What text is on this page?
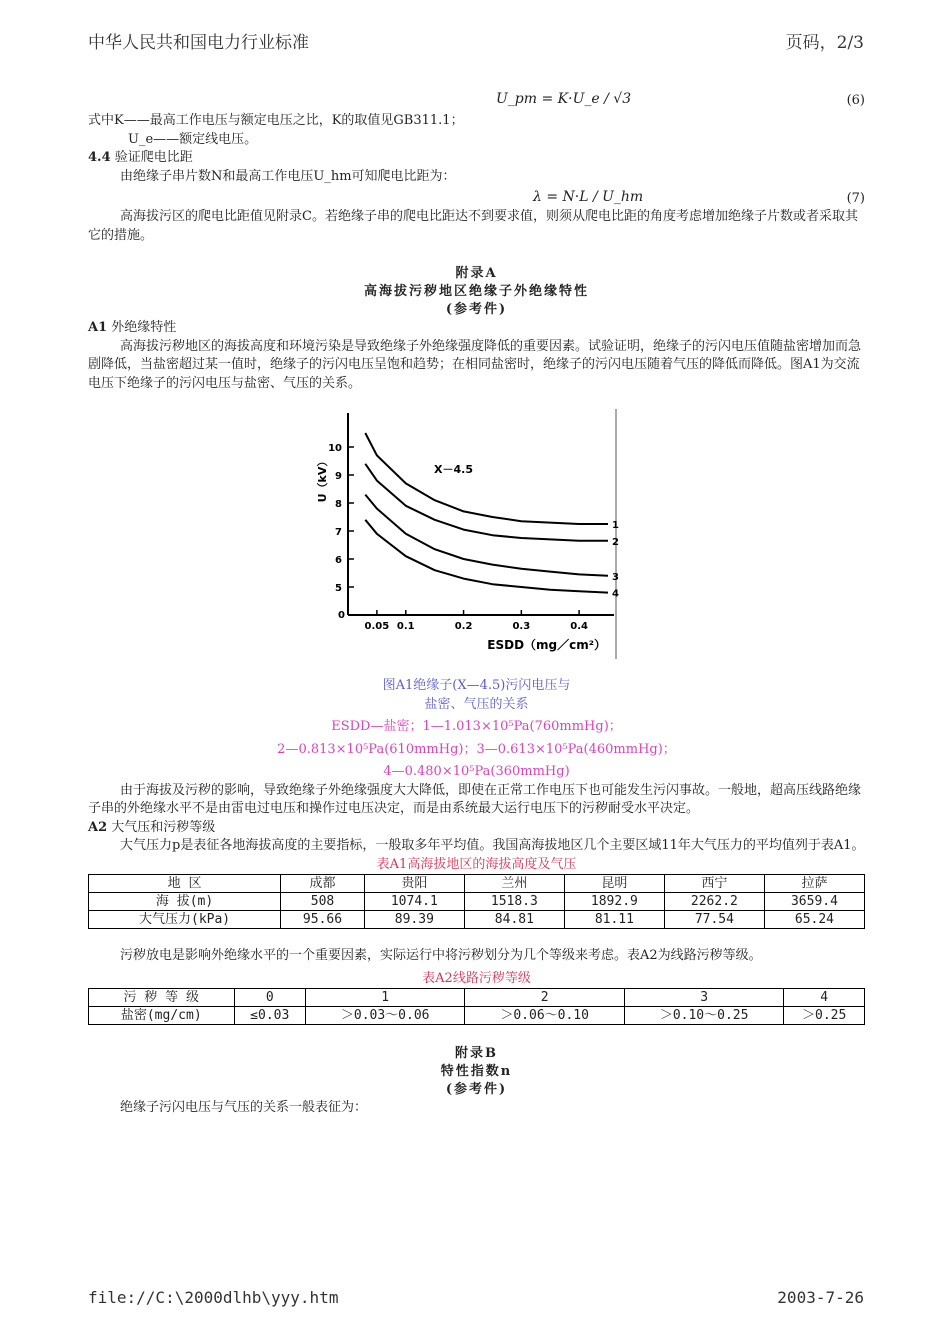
中华人民共和国电力行业标准	页码，2/3
U_pm = K·U_e / √3	(6)

式中K——最高工作电压与额定电压之比，K的取值见GB311.1；

U_e——额定线电压。

4.4 验证爬电比距

由绝缘子串片数N和最高工作电压U_hm可知爬电比距为：

λ = N·L / U_hm	(7)

高海拔污区的爬电比距值见附录C。若绝缘子串的爬电比距达不到要求值，则须从爬电比距的角度考虑增加绝缘子片数或者采取其它的措施。

附录A
高海拔污秽地区绝缘子外绝缘特性
(参考件)

A1 外绝缘特性

高海拔污秽地区的海拔高度和环境污染是导致绝缘子外绝缘强度降低的重要因素。试验证明，绝缘子的污闪电压值随盐密增加而急剧降低，当盐密超过某一值时，绝缘子的污闪电压呈饱和趋势；在相同盐密时，绝缘子的污闪电压随着气压的降低而降低。图A1为交流电压下绝缘子的污闪电压与盐密、气压的关系。

0
5
6
7
8
9
10
0.05 0.1	0.2	0.3	0.4
U（kV）
ESDD（mg／cm²）
X－4.5
1
2
3
4
图A1绝缘子(X—4.5)污闪电压与
盐密、气压的关系
ESDD—盐密；1—1.013×10⁵Pa(760mmHg)；
2—0.813×10⁵Pa(610mmHg)；3—0.613×10⁵Pa(460mmHg)；
4—0.480×10⁵Pa(360mmHg)

由于海拔及污秽的影响，导致绝缘子外绝缘强度大大降低，即使在正常工作电压下也可能发生污闪事故。一般地，超高压线路绝缘子串的外绝缘水平不是由雷电过电压和操作过电压决定，而是由系统最大运行电压下的污秽耐受水平决定。

A2 大气压和污秽等级

大气压力p是表征各地海拔高度的主要指标，一般取多年平均值。我国高海拔地区几个主要区域11年大气压力的平均值列于表A1。

表A1高海拔地区的海拔高度及气压
地 区	成都	贵阳	兰州	昆明	西宁	拉萨
海 拔(m)	508	1074.1	1518.3	1892.9	2262.2	3659.4
大气压力(kPa)	95.66	89.39	84.81	81.11	77.54	65.24

污秽放电是影响外绝缘水平的一个重要因素，实际运行中将污秽划分为几个等级来考虑。表A2为线路污秽等级。

表A2线路污秽等级
污 秽 等 级	0	1	2	3	4
盐密(mg/cm)	≤0.03	＞0.03～0.06	＞0.06～0.10	＞0.10～0.25	＞0.25
附录B
特性指数n
(参考件)

绝缘子污闪电压与气压的关系一般表征为：

file://C:\2000dlhb\yyy.htm	2003-7-26
